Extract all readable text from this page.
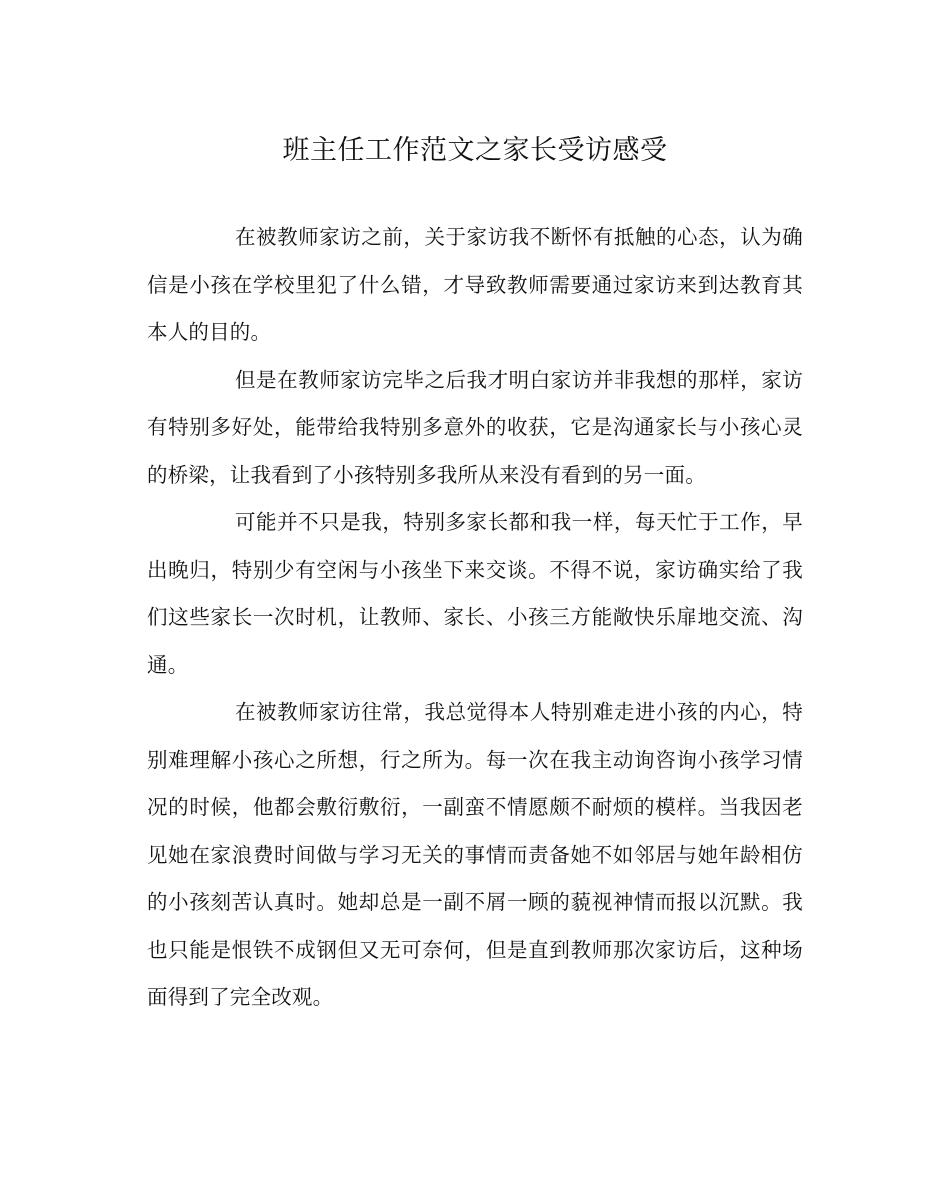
班主任工作范文之家长受访感受

在被教师家访之前，关于家访我不断怀有抵触的心态，认为确信是小孩在学校里犯了什么错，才导致教师需要通过家访来到达教育其本人的目的。

但是在教师家访完毕之后我才明白家访并非我想的那样，家访有特别多好处，能带给我特别多意外的收获，它是沟通家长与小孩心灵的桥梁，让我看到了小孩特别多我所从来没有看到的另一面。

可能并不只是我，特别多家长都和我一样，每天忙于工作，早出晚归，特别少有空闲与小孩坐下来交谈。不得不说，家访确实给了我们这些家长一次时机，让教师、家长、小孩三方能敞快乐扉地交流、沟通。

在被教师家访往常，我总觉得本人特别难走进小孩的内心，特别难理解小孩心之所想，行之所为。每一次在我主动询咨询小孩学习情况的时候，他都会敷衍敷衍，一副蛮不情愿颇不耐烦的模样。当我因老见她在家浪费时间做与学习无关的事情而责备她不如邻居与她年龄相仿的小孩刻苦认真时。她却总是一副不屑一顾的藐视神情而报以沉默。我也只能是恨铁不成钢但又无可奈何，但是直到教师那次家访后，这种场面得到了完全改观。
